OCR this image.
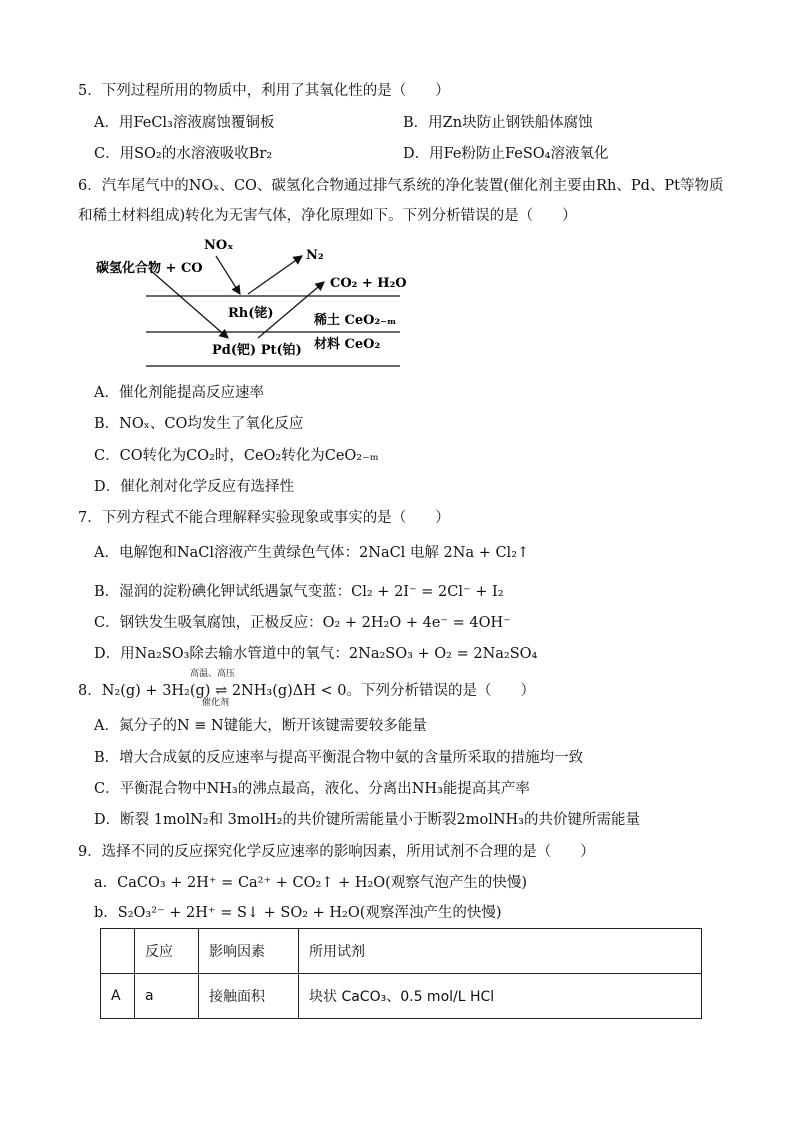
5．下列过程所用的物质中，利用了其氧化性的是（　　）
A．用FeCl₃溶液腐蚀覆铜板	B．用Zn块防止钢铁船体腐蚀
C．用SO₂的水溶液吸收Br₂	D．用Fe粉防止FeSO₄溶液氧化
6．汽车尾气中的NOₓ、CO、碳氢化合物通过排气系统的净化装置(催化剂主要由Rh、Pd、Pt等物质
和稀土材料组成)转化为无害气体，净化原理如下。下列分析错误的是（　　）
碳氢化合物 + CO
NOₓ
N₂
CO₂ + H₂O
Rh(铑)	稀土 CeO₂₋ₘ
Pd(钯) Pt(铂) 材料 CeO₂
A．催化剂能提高反应速率
B．NOₓ、CO均发生了氧化反应
C．CO转化为CO₂时，CeO₂转化为CeO₂₋ₘ
D．催化剂对化学反应有选择性
7．下列方程式不能合理解释实验现象或事实的是（　　）
A．电解饱和NaCl溶液产生黄绿色气体：2NaCl 电解 2Na + Cl₂↑
B．湿润的淀粉碘化钾试纸遇氯气变蓝：Cl₂ + 2I⁻ = 2Cl⁻ + I₂
C．钢铁发生吸氧腐蚀，正极反应：O₂ + 2H₂O + 4e⁻ = 4OH⁻
D．用Na₂SO₃除去输水管道中的氧气：2Na₂SO₃ + O₂ = 2Na₂SO₄
高温、高压
8．N₂(g) + 3H₂(g) ⇌ 2NH₃(g)ΔH < 0。下列分析错误的是（　　）
催化剂
A．氮分子的N ≡ N键能大，断开该键需要较多能量
B．增大合成氨的反应速率与提高平衡混合物中氨的含量所采取的措施均一致
C．平衡混合物中NH₃的沸点最高，液化、分离出NH₃能提高其产率
D．断裂 1molN₂和 3molH₂的共价键所需能量小于断裂2molNH₃的共价键所需能量
9．选择不同的反应探究化学反应速率的影响因素，所用试剂不合理的是（　　）
a．CaCO₃ + 2H⁺ = Ca²⁺ + CO₂↑ + H₂O(观察气泡产生的快慢)
b．S₂O₃²⁻ + 2H⁺ = S↓ + SO₂ + H₂O(观察浑浊产生的快慢)
	反应	影响因素	所用试剂
A	a	接触面积	块状 CaCO₃、0.5 mol/L HCl
